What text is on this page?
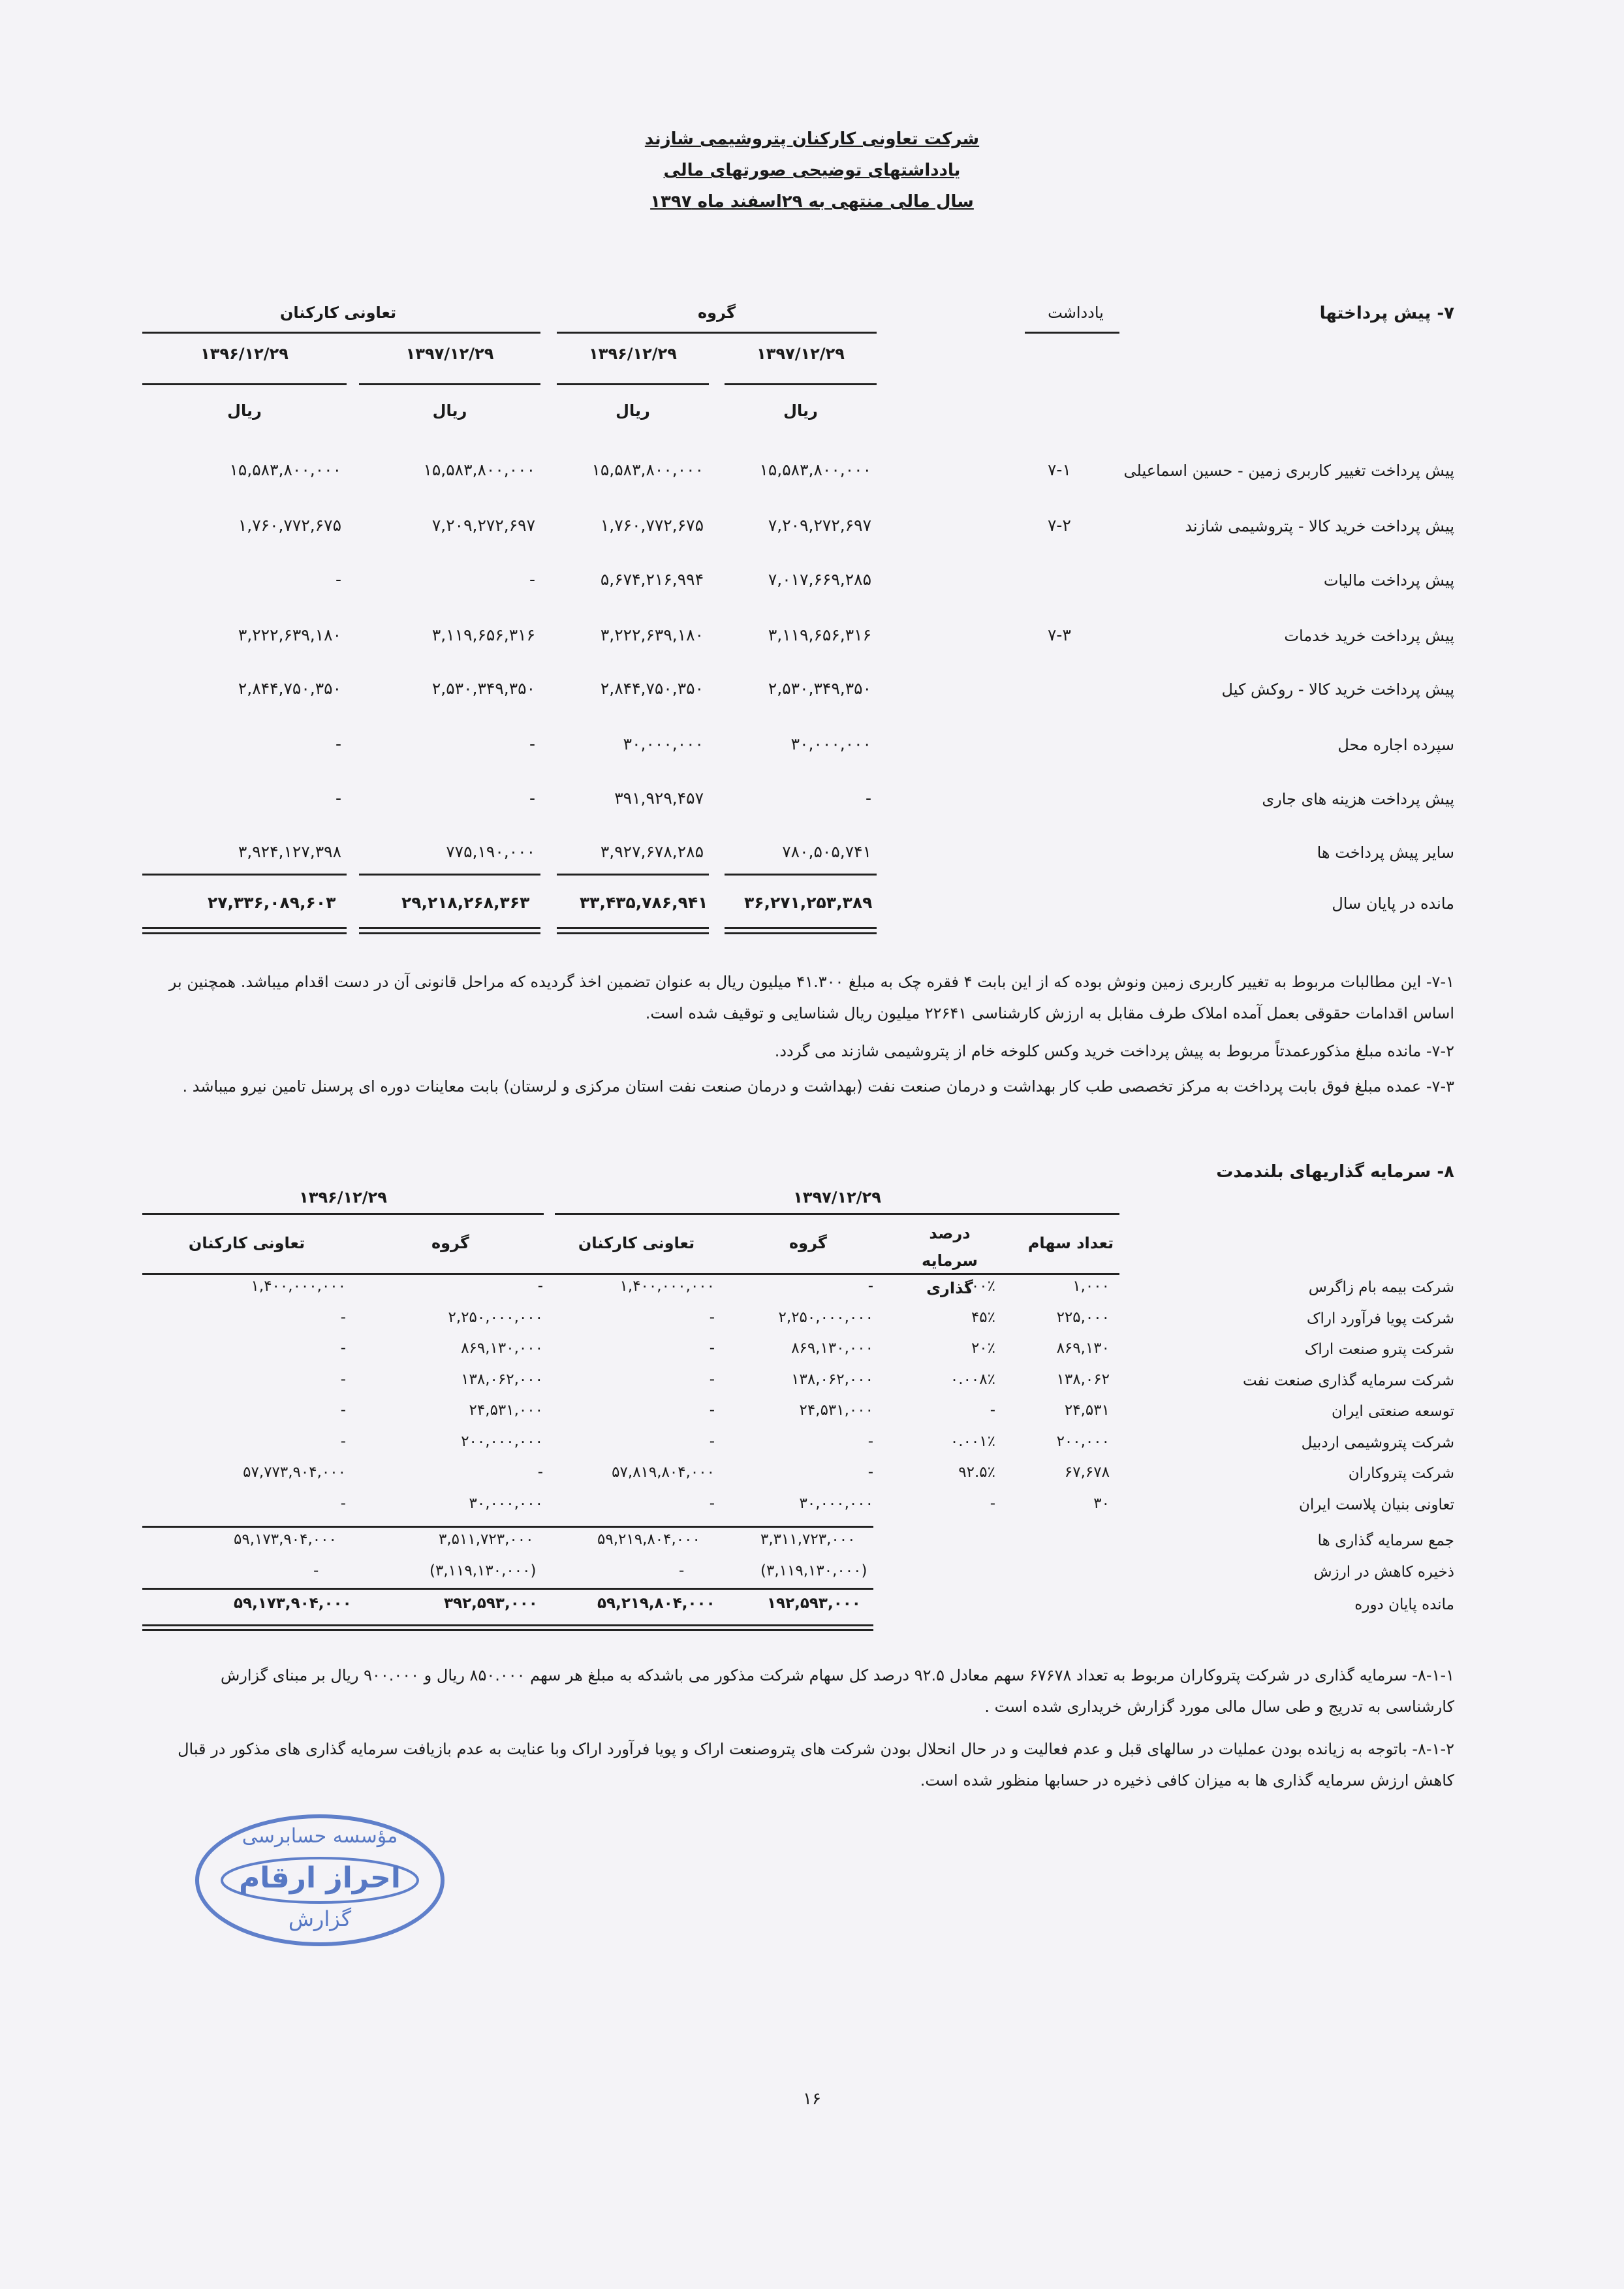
شرکت تعاونی کارکنان پتروشیمی شازند
یادداشتهای توضیحی صورتهای مالی
سال مالی منتهی به ۲۹اسفند ماه ۱۳۹۷
۷- پیش پرداختها
یادداشت
گروه
تعاونی کارکنان
۱۳۹۷/۱۲/۲۹
۱۳۹۶/۱۲/۲۹
۱۳۹۷/۱۲/۲۹
۱۳۹۶/۱۲/۲۹
ریال
ریال
ریال
ریال
پیش پرداخت تغییر کاربری زمین - حسین اسماعیلی
۷-۱
۱۵,۵۸۳,۸۰۰,۰۰۰
۱۵,۵۸۳,۸۰۰,۰۰۰
۱۵,۵۸۳,۸۰۰,۰۰۰
۱۵,۵۸۳,۸۰۰,۰۰۰
پیش پرداخت خرید کالا - پتروشیمی شازند
۷-۲
۷,۲۰۹,۲۷۲,۶۹۷
۱,۷۶۰,۷۷۲,۶۷۵
۷,۲۰۹,۲۷۲,۶۹۷
۱,۷۶۰,۷۷۲,۶۷۵
پیش پرداخت مالیات
۷,۰۱۷,۶۶۹,۲۸۵
۵,۶۷۴,۲۱۶,۹۹۴
-
-
پیش پرداخت خرید خدمات
۷-۳
۳,۱۱۹,۶۵۶,۳۱۶
۳,۲۲۲,۶۳۹,۱۸۰
۳,۱۱۹,۶۵۶,۳۱۶
۳,۲۲۲,۶۳۹,۱۸۰
پیش پرداخت خرید کالا - روکش کیل
۲,۵۳۰,۳۴۹,۳۵۰
۲,۸۴۴,۷۵۰,۳۵۰
۲,۵۳۰,۳۴۹,۳۵۰
۲,۸۴۴,۷۵۰,۳۵۰
سپرده اجاره محل
۳۰,۰۰۰,۰۰۰
۳۰,۰۰۰,۰۰۰
-
-
پیش پرداخت هزینه های جاری
-
۳۹۱,۹۲۹,۴۵۷
-
-
سایر پیش پرداخت ها
۷۸۰,۵۰۵,۷۴۱
۳,۹۲۷,۶۷۸,۲۸۵
۷۷۵,۱۹۰,۰۰۰
۳,۹۲۴,۱۲۷,۳۹۸
مانده در پایان سال
۳۶,۲۷۱,۲۵۳,۳۸۹
۳۳,۴۳۵,۷۸۶,۹۴۱
۲۹,۲۱۸,۲۶۸,۳۶۳
۲۷,۳۳۶,۰۸۹,۶۰۳
۷-۱- این مطالبات مربوط به تغییر کاربری زمین ونوش بوده که از این بابت ۴ فقره چک به مبلغ ۴۱.۳۰۰ میلیون ریال به عنوان تضمین اخذ گردیده که مراحل قانونی آن در دست اقدام میباشد. همچنین بر اساس اقدامات حقوقی بعمل آمده املاک طرف مقابل به ارزش کارشناسی ۲۲۶۴۱ میلیون ریال شناسایی و توقیف شده است.
۷-۲- مانده مبلغ مذکورعمدتاً مربوط به پیش پرداخت خرید وکس کلوخه خام از پتروشیمی شازند می گردد.
۷-۳- عمده مبلغ فوق بابت پرداخت به مرکز تخصصی طب کار بهداشت و درمان صنعت نفت (بهداشت و درمان صنعت نفت استان مرکزی و لرستان) بابت معاینات دوره ای پرسنل تامین نیرو میباشد .
۸- سرمایه گذاریهای بلندمدت
۱۳۹۷/۱۲/۲۹
۱۳۹۶/۱۲/۲۹
تعداد سهام
درصد سرمایه گذاری
گروه
تعاونی کارکنان
گروه
تعاونی کارکنان
شرکت بیمه بام زاگرس
۱,۰۰۰
۱۰۰٪
-
۱,۴۰۰,۰۰۰,۰۰۰
-
۱,۴۰۰,۰۰۰,۰۰۰
شرکت پویا فرآورد اراک
۲۲۵,۰۰۰
۴۵٪
۲,۲۵۰,۰۰۰,۰۰۰
-
۲,۲۵۰,۰۰۰,۰۰۰
-
شرکت پترو صنعت اراک
۸۶۹,۱۳۰
۲۰٪
۸۶۹,۱۳۰,۰۰۰
-
۸۶۹,۱۳۰,۰۰۰
-
شرکت سرمایه گذاری صنعت نفت
۱۳۸,۰۶۲
۰.۰۰۸٪
۱۳۸,۰۶۲,۰۰۰
-
۱۳۸,۰۶۲,۰۰۰
-
توسعه صنعتی ایران
۲۴,۵۳۱
-
۲۴,۵۳۱,۰۰۰
-
۲۴,۵۳۱,۰۰۰
-
شرکت پتروشیمی اردبیل
۲۰۰,۰۰۰
۰.۰۰۱٪
-
-
۲۰۰,۰۰۰,۰۰۰
-
شرکت پتروکاران
۶۷,۶۷۸
۹۲.۵٪
-
۵۷,۸۱۹,۸۰۴,۰۰۰
-
۵۷,۷۷۳,۹۰۴,۰۰۰
تعاونی بنیان پلاست ایران
۳۰
-
۳۰,۰۰۰,۰۰۰
-
۳۰,۰۰۰,۰۰۰
-
جمع سرمایه گذاری ها
۳,۳۱۱,۷۲۳,۰۰۰
۵۹,۲۱۹,۸۰۴,۰۰۰
۳,۵۱۱,۷۲۳,۰۰۰
۵۹,۱۷۳,۹۰۴,۰۰۰
ذخیره کاهش در ارزش
(۳,۱۱۹,۱۳۰,۰۰۰)
-
(۳,۱۱۹,۱۳۰,۰۰۰)
-
مانده پایان دوره
۱۹۲,۵۹۳,۰۰۰
۵۹,۲۱۹,۸۰۴,۰۰۰
۳۹۲,۵۹۳,۰۰۰
۵۹,۱۷۳,۹۰۴,۰۰۰
۸-۱-۱- سرمایه گذاری در شرکت پتروکاران مربوط به تعداد ۶۷۶۷۸ سهم معادل ۹۲.۵ درصد کل سهام شرکت مذکور می باشدکه به مبلغ هر سهم ۸۵۰.۰۰۰ ریال و ۹۰۰.۰۰۰ ریال بر مبنای گزارش کارشناسی به تدریج و طی سال مالی مورد گزارش خریداری شده است .
۸-۱-۲- باتوجه به زیانده بودن عملیات در سالهای قبل و عدم فعالیت و در حال انحلال بودن شرکت های پتروصنعت اراک و پویا فرآورد اراک وبا عنایت به عدم بازیافت سرمایه گذاری های مذکور در قبال کاهش ارزش سرمایه گذاری ها به میزان کافی ذخیره در حسابها منظور شده است.
مؤسسه حسابرسی
احراز ارقام
گزارش
۱۶
